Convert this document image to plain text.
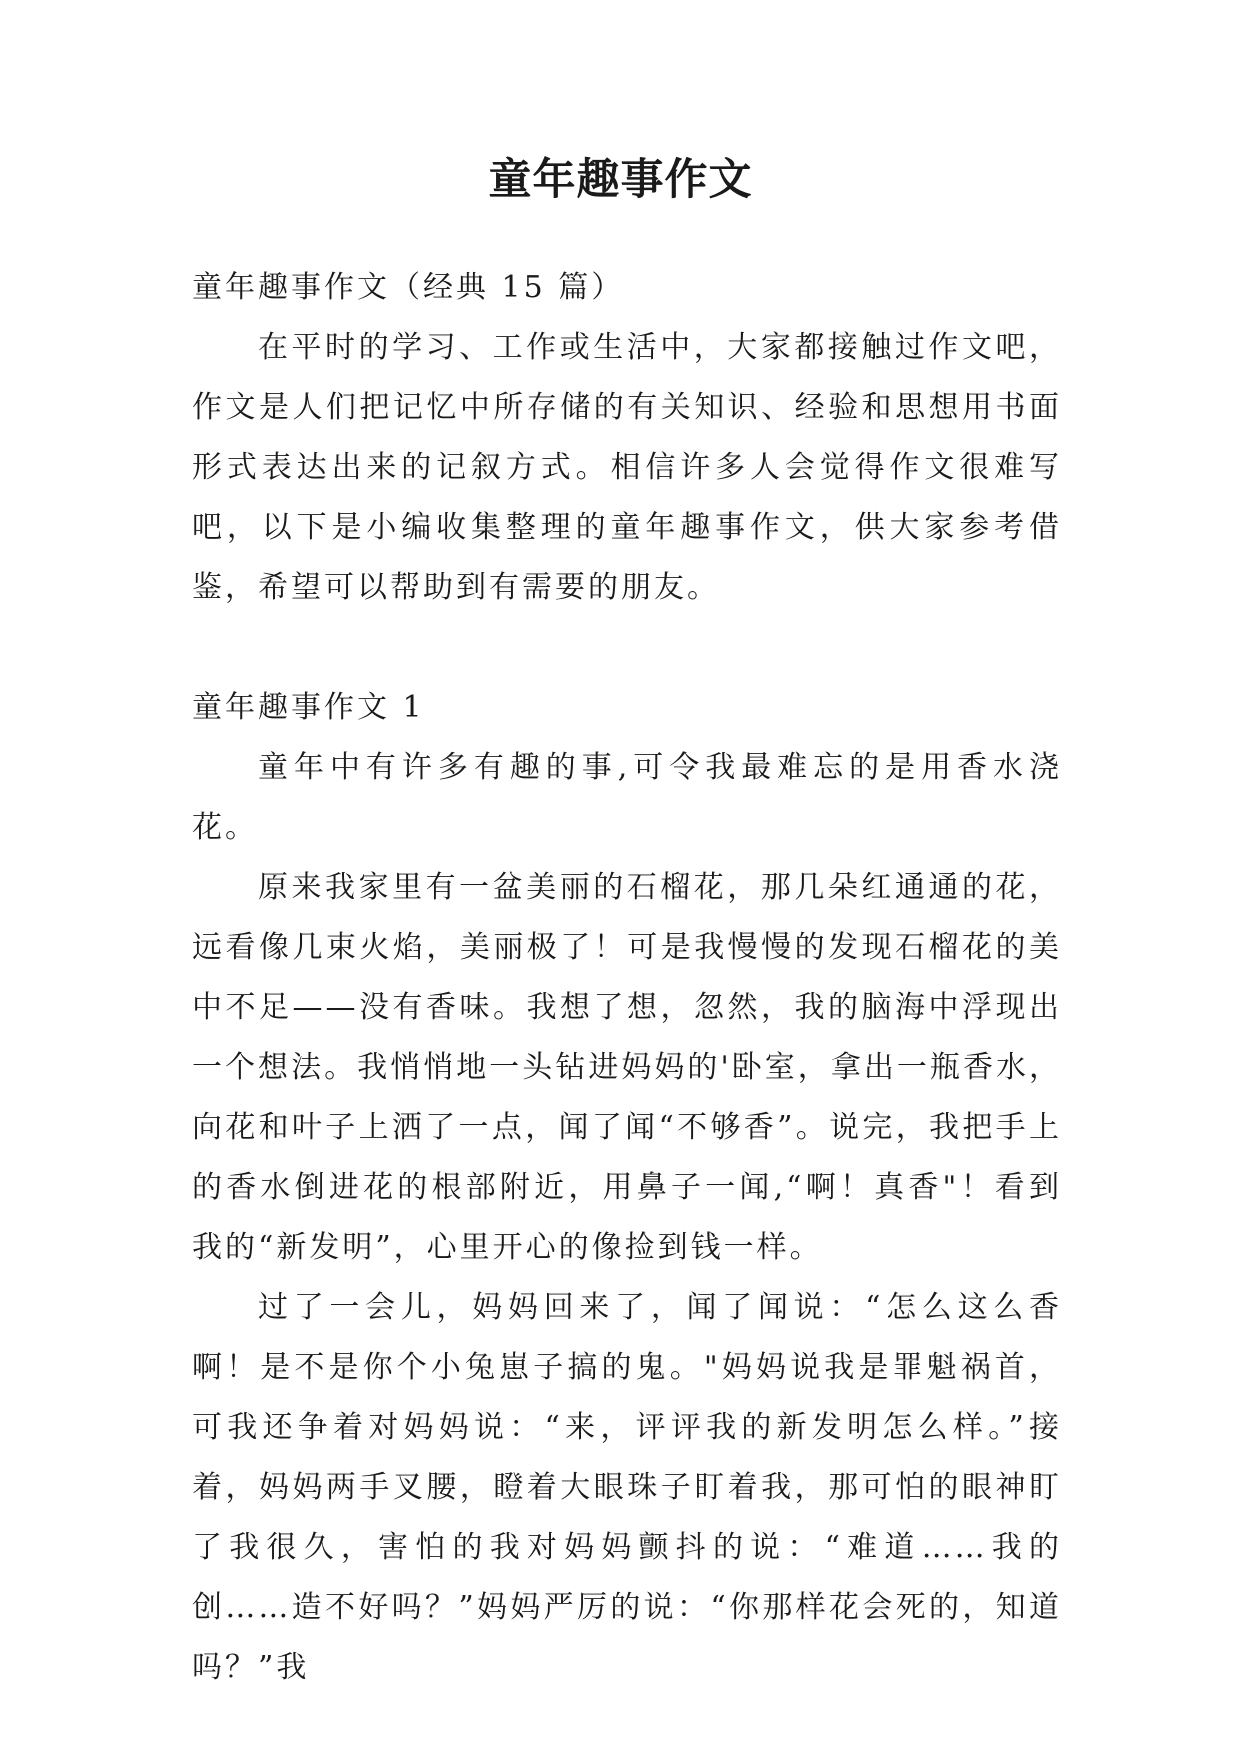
童年趣事作文

童年趣事作文（经典 15 篇）

在平时的学习、工作或生活中，大家都接触过作文吧，作文是人们把记忆中所存储的有关知识、经验和思想用书面形式表达出来的记叙方式。相信许多人会觉得作文很难写吧，以下是小编收集整理的童年趣事作文，供大家参考借鉴，希望可以帮助到有需要的朋友。

童年趣事作文 1

童年中有许多有趣的事,可令我最难忘的是用香水浇花。

原来我家里有一盆美丽的石榴花，那几朵红通通的花，远看像几束火焰，美丽极了！可是我慢慢的发现石榴花的美中不足——没有香味。我想了想，忽然，我的脑海中浮现出一个想法。我悄悄地一头钻进妈妈的'卧室，拿出一瓶香水，向花和叶子上洒了一点，闻了闻“不够香”。说完，我把手上的香水倒进花的根部附近，用鼻子一闻,“啊！真香"！看到我的“新发明”，心里开心的像捡到钱一样。

过了一会儿，妈妈回来了，闻了闻说：“怎么这么香啊！是不是你个小兔崽子搞的鬼。"妈妈说我是罪魁祸首，可我还争着对妈妈说：“来，评评我的新发明怎么样。”接着，妈妈两手叉腰，瞪着大眼珠子盯着我，那可怕的眼神盯了我很久，害怕的我对妈妈颤抖的说：“难道……我的创……造不好吗？”妈妈严厉的说：“你那样花会死的，知道吗？”我
